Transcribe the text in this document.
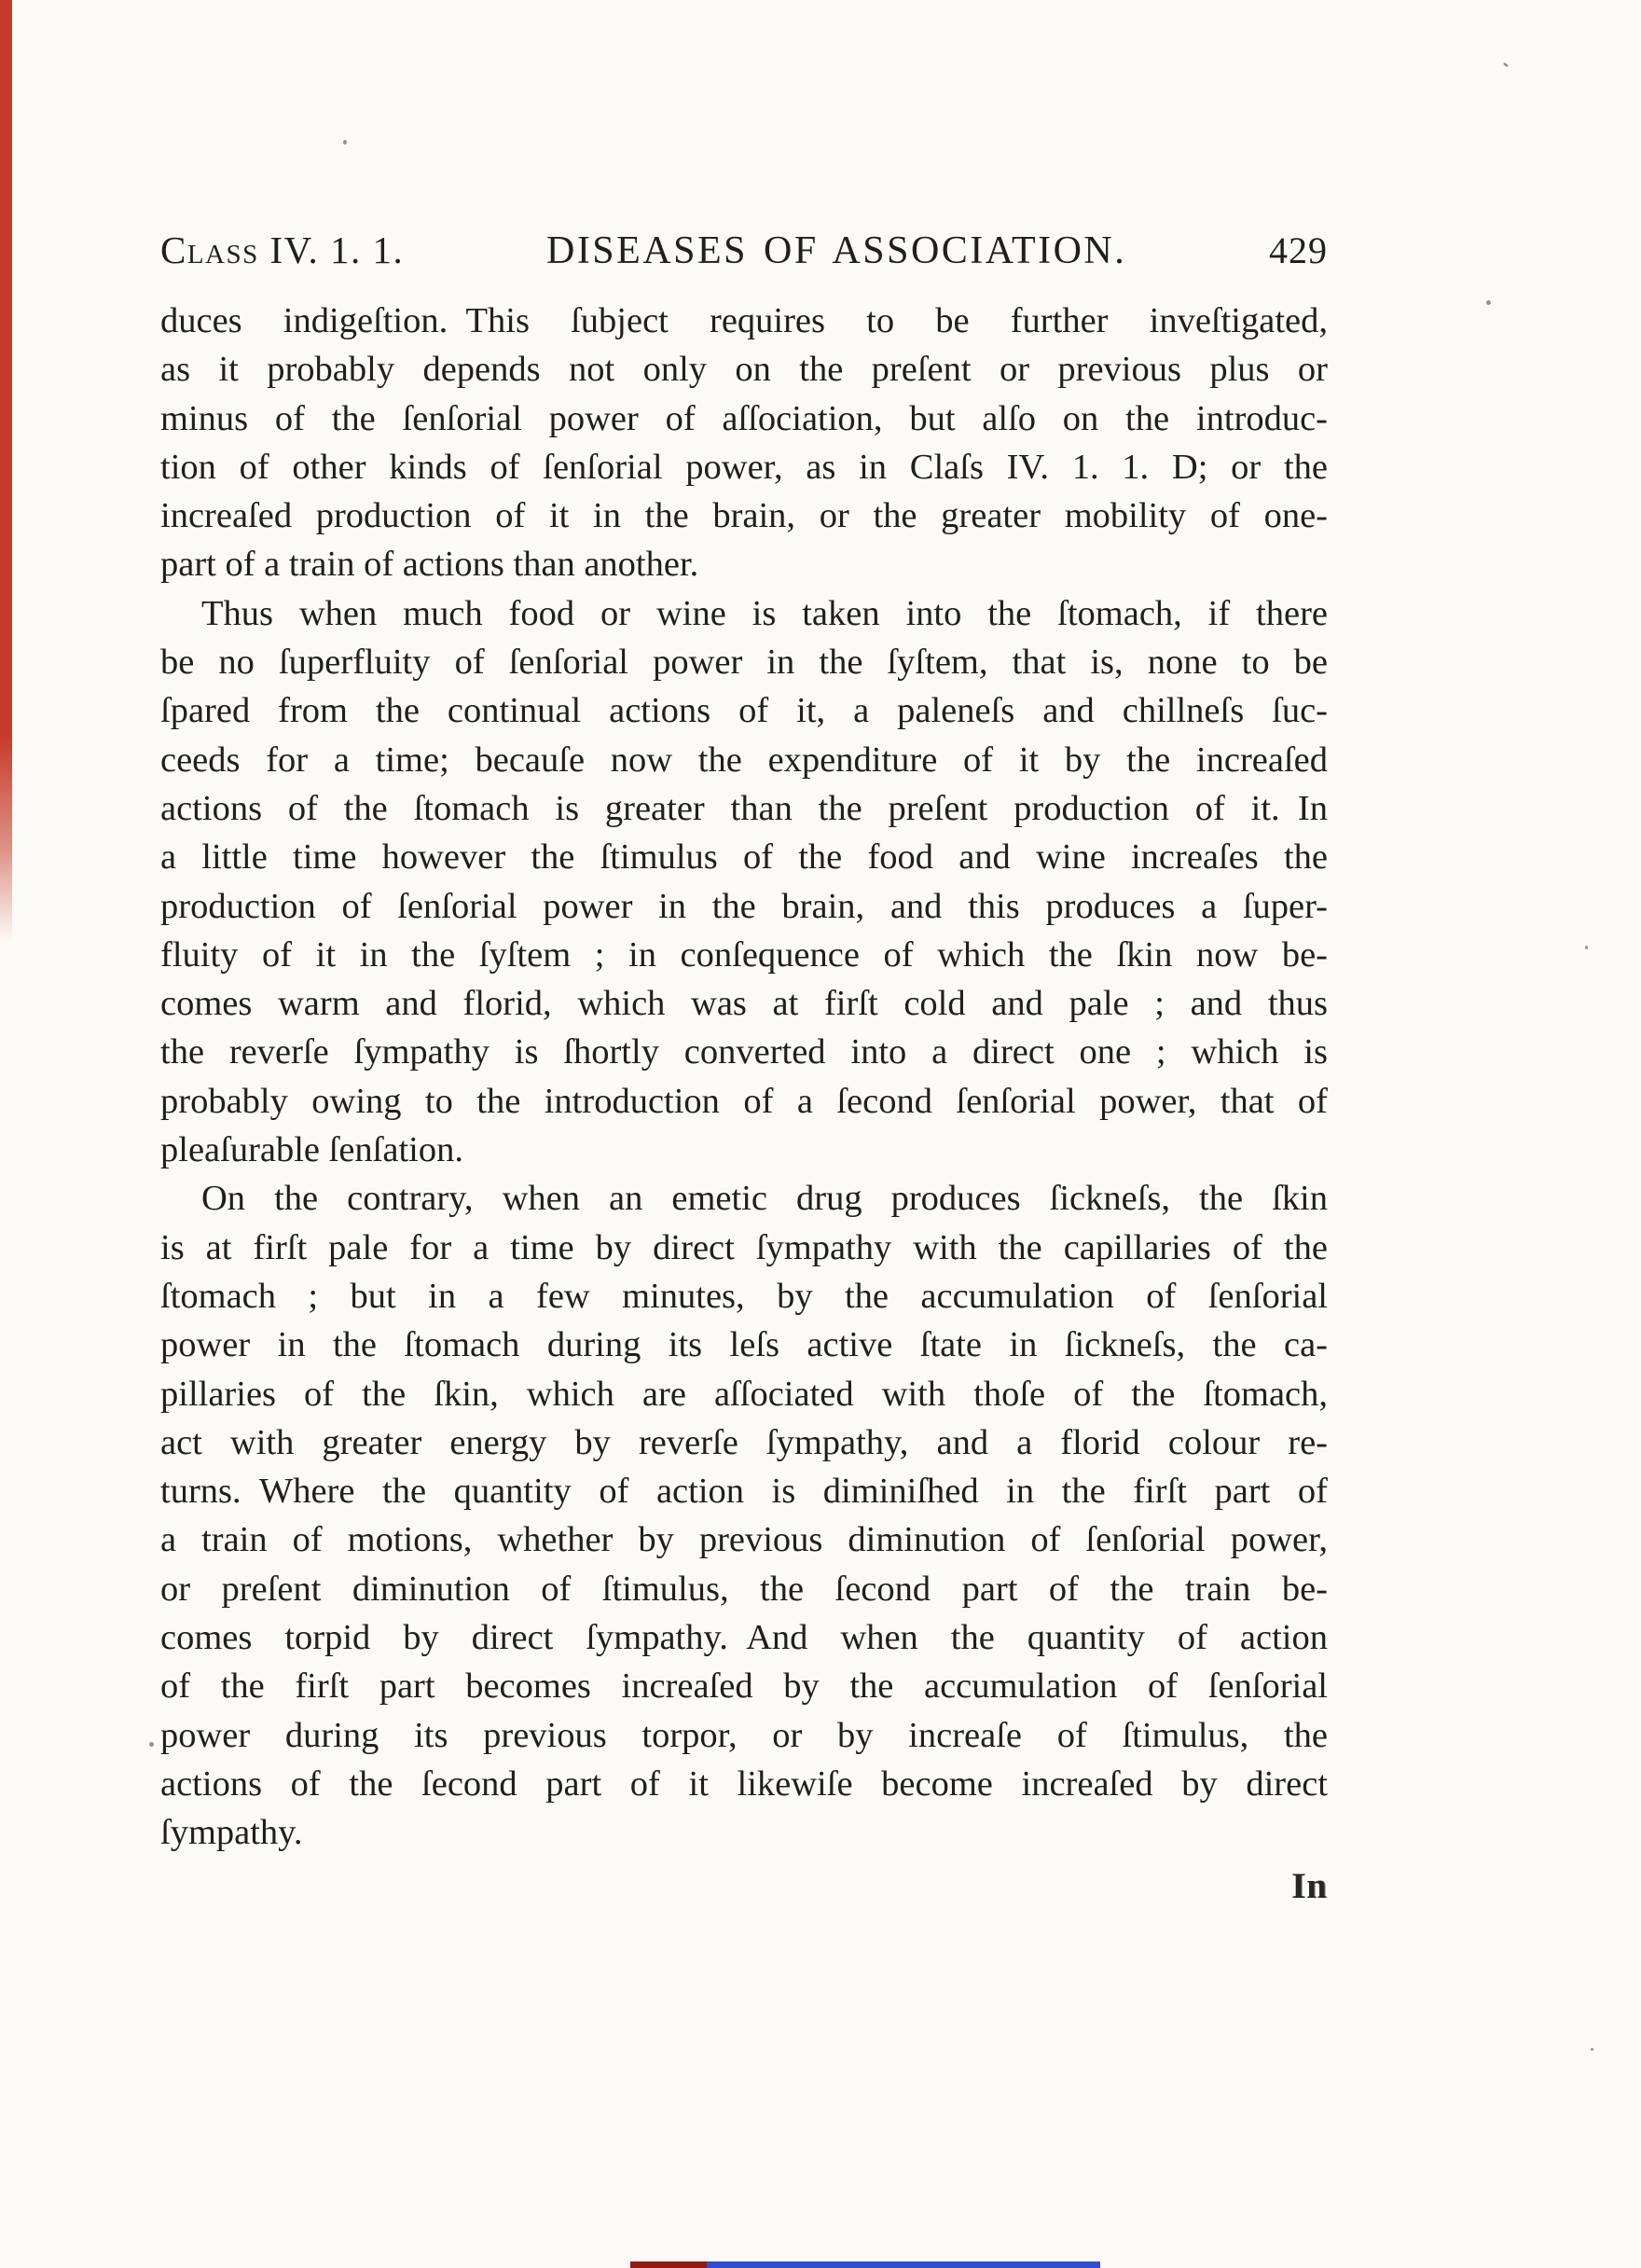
Class IV. 1. 1.	DISEASES OF ASSOCIATION.	429
duces indigeſtion. This ſubject requires to be further inveſtigated,
as it probably depends not only on the preſent or previous plus or
minus of the ſenſorial power of aſſociation, but alſo on the introduc-
tion of other kinds of ſenſorial power, as in Claſs IV. 1. 1. D; or the
increaſed production of it in the brain, or the greater mobility of one-
part of a train of actions than another.
Thus when much food or wine is taken into the ſtomach, if there
be no ſuperfluity of ſenſorial power in the ſyſtem, that is, none to be
ſpared from the continual actions of it, a paleneſs and chillneſs ſuc-
ceeds for a time; becauſe now the expenditure of it by the increaſed
actions of the ſtomach is greater than the preſent production of it. In
a little time however the ſtimulus of the food and wine increaſes the
production of ſenſorial power in the brain, and this produces a ſuper-
fluity of it in the ſyſtem ; in conſequence of which the ſkin now be-
comes warm and florid, which was at firſt cold and pale ; and thus
the reverſe ſympathy is ſhortly converted into a direct one ; which is
probably owing to the introduction of a ſecond ſenſorial power, that of
pleaſurable ſenſation.
On the contrary, when an emetic drug produces ſickneſs, the ſkin
is at firſt pale for a time by direct ſympathy with the capillaries of the
ſtomach ; but in a few minutes, by the accumulation of ſenſorial
power in the ſtomach during its leſs active ſtate in ſickneſs, the ca-
pillaries of the ſkin, which are aſſociated with thoſe of the ſtomach,
act with greater energy by reverſe ſympathy, and a florid colour re-
turns. Where the quantity of action is diminiſhed in the firſt part of
a train of motions, whether by previous diminution of ſenſorial power,
or preſent diminution of ſtimulus, the ſecond part of the train be-
comes torpid by direct ſympathy. And when the quantity of action
of the firſt part becomes increaſed by the accumulation of ſenſorial
power during its previous torpor, or by increaſe of ſtimulus, the
actions of the ſecond part of it likewiſe become increaſed by direct
ſympathy.
In
